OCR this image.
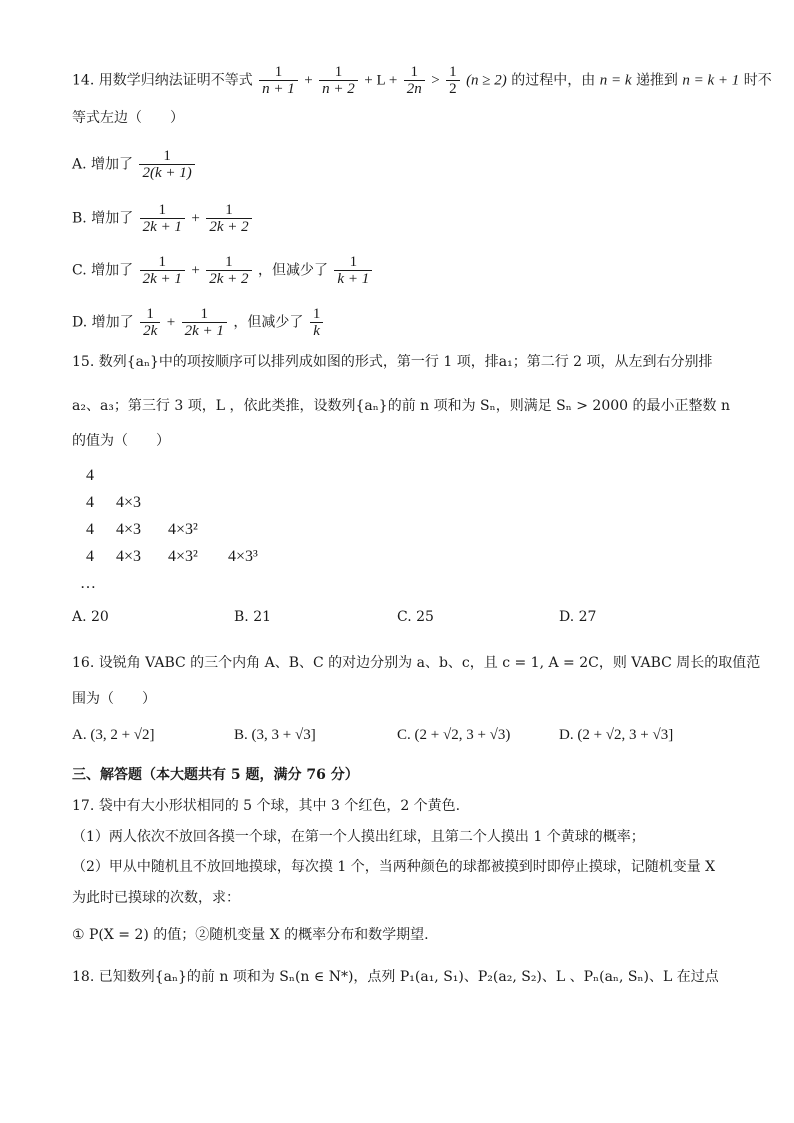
14. 用数学归纳法证明不等式 $\frac{1}{n + 1} + \frac{1}{n + 2} + L + \frac{1}{2n} > \frac{1}{2} (n \ge 2)$ 的过程中，由 n = k 递推到 n = k + 1 时不
等式左边（　　）
A. 增加了 $\frac{1}{2(k + 1)}$
B. 增加了 $\frac{1}{2k + 1} + \frac{1}{2k + 2}$
C. 增加了 $\frac{1}{2k + 1} + \frac{1}{2k + 2}$ ，但减少了 $\frac{1}{k + 1}$
D. 增加了 $\frac{1}{2k} + \frac{1}{2k + 1}$ ，但减少了 $\frac{1}{k}$
15. 数列{aₙ}中的项按顺序可以排列成如图的形式，第一行 1 项，排a₁；第二行 2 项，从左到右分别排
a₂、a₃；第三行 3 项，L ，依此类推，设数列{aₙ}的前 n 项和为 Sₙ，则满足 Sₙ > 2000 的最小正整数 n
的值为（　　）
4
4 4×3
4 4×3 4×3²
4 4×3 4×3² 4×3³
…
A. 20	B. 21	C. 25	D. 27
16. 设锐角 VABC 的三个内角 A、B、C 的对边分别为 a、b、c，且 c = 1, A = 2C，则 VABC 周长的取值范
围为（　　）
A. (3, 2 + √2]	B. (3, 3 + √3]	C. (2 + √2, 3 + √3)	D. (2 + √2, 3 + √3]
三、解答题（本大题共有 5 题，满分 76 分）
17. 袋中有大小形状相同的 5 个球，其中 3 个红色，2 个黄色.
（1）两人依次不放回各摸一个球，在第一个人摸出红球，且第二个人摸出 1 个黄球的概率；
（2）甲从中随机且不放回地摸球，每次摸 1 个，当两种颜色的球都被摸到时即停止摸球，记随机变量 X
为此时已摸球的次数，求：
① P(X = 2) 的值；②随机变量 X 的概率分布和数学期望.
18. 已知数列{aₙ}的前 n 项和为 Sₙ(n ∈ N*)，点列 P₁(a₁, S₁)、P₂(a₂, S₂)、L 、Pₙ(aₙ, Sₙ)、L 在过点
